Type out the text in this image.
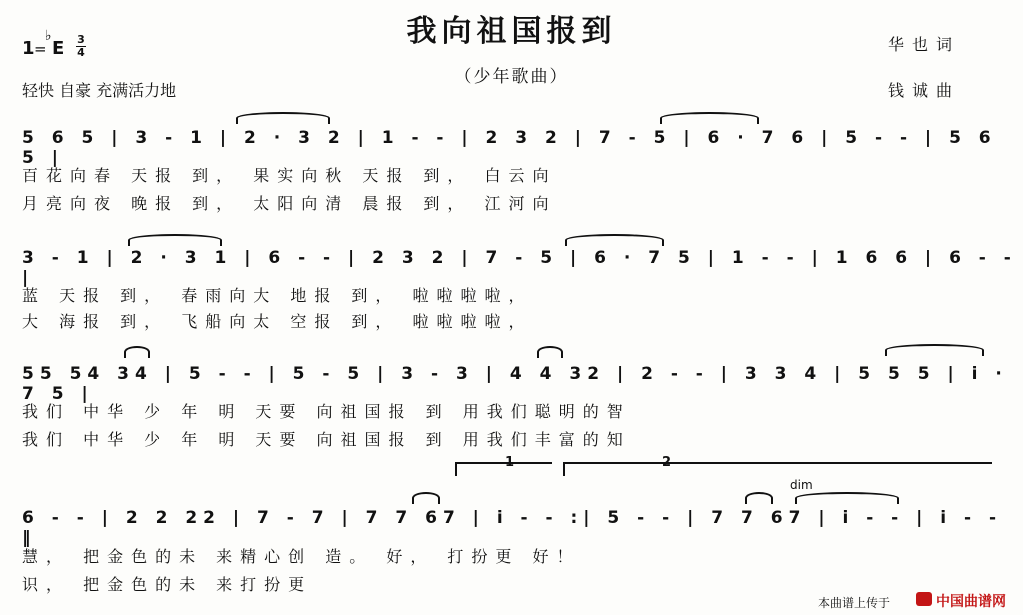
我向祖国报到
（少年歌曲）
1 =
♭
E 3
4
轻快 自豪 充满活力地
华也词
钱诚曲
5 6 5 | 3 - 1 | 2 · 3 2 | 1 - - | 2 3 2 | 7 - 5 | 6 · 7 6 | 5 - - | 5 6 5 |
百花向春 天报 到， 果实向秋 天报 到， 白云向
月亮向夜 晚报 到， 太阳向清 晨报 到， 江河向
3 - 1 | 2 · 3 1 | 6 - - | 2 3 2 | 7 - 5 | 6 · 7 5 | 1 - - | 1 6 6 | 6 - - |
蓝 天报 到， 春雨向大 地报 到， 啦啦啦啦，
大 海报 到， 飞船向太 空报 到， 啦啦啦啦，
55 54 34 | 5 - - | 5 - 5 | 3 - 3 | 4 4 32 | 2 - - | 3 3 4 | 5 5 5 | i · 7 5 |
我们 中华 少 年 明 天要 向祖国报 到 用我们聪明的智
我们 中华 少 年 明 天要 向祖国报 到 用我们丰富的知
1	2
dim
6 - - | 2 2 22 | 7 - 7 | 7 7 67 | i - - :| 5 - - | 7 7 67 | i - - | i - - ‖
慧， 把金色的未 来精心创 造。 好， 打扮更 好！
识， 把金色的未 来打扮更
本曲谱上传于	中国曲谱网
